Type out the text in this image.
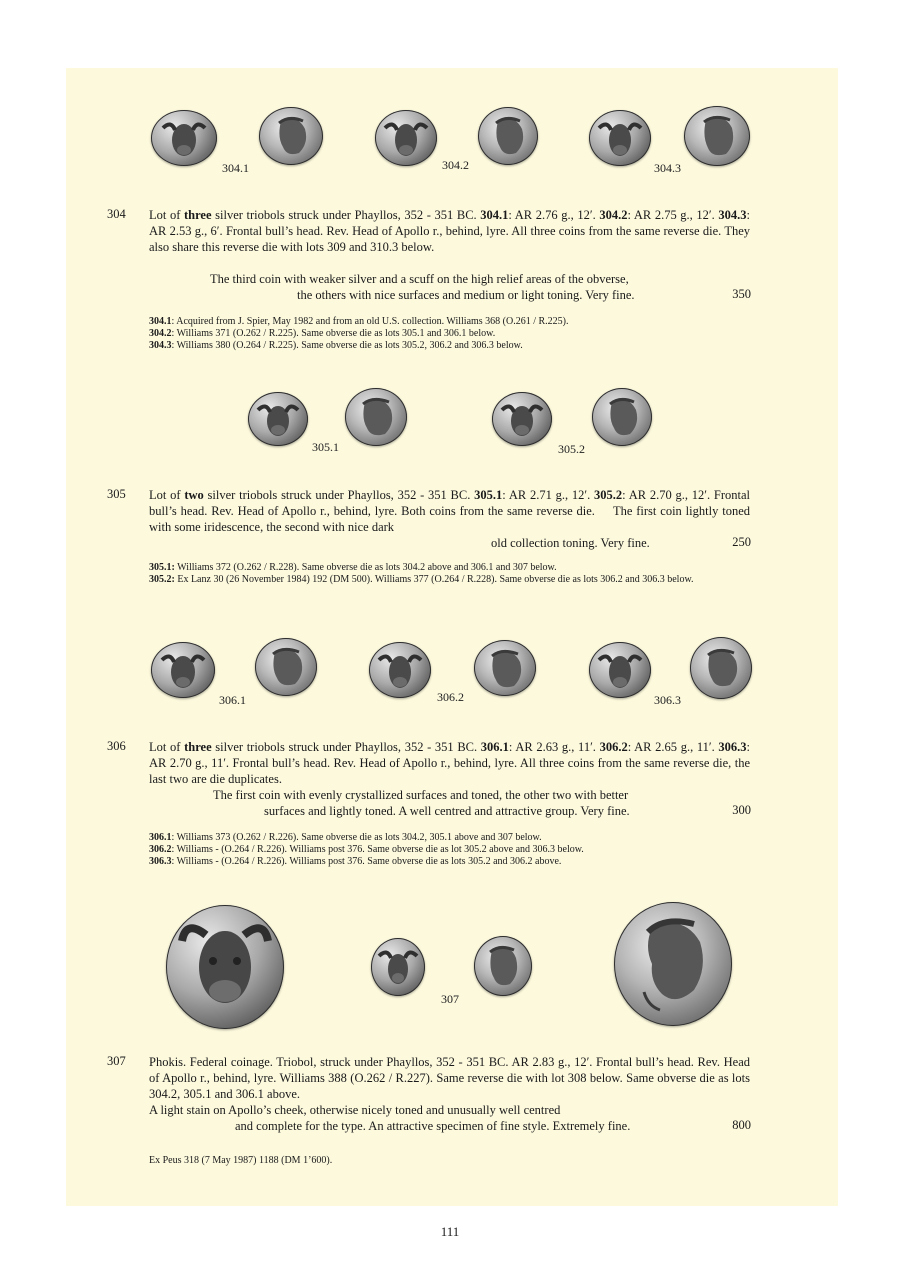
304.1	304.2	304.3
304 Lot of three silver triobols struck under Phayllos, 352 - 351 BC. 304.1: AR 2.76 g., 12′. 304.2: AR 2.75 g., 12′. 304.3: AR 2.53 g., 6′. Frontal bull’s head. Rev. Head of Apollo r., behind, lyre. All three coins from the same reverse die. They also share this reverse die with lots 309 and 310.3 below.
The third coin with weaker silver and a scuff on the high relief areas of the obverse,
the others with nice surfaces and medium or light toning. Very fine.	350
304.1: Acquired from J. Spier, May 1982 and from an old U.S. collection. Williams 368 (O.261 / R.225).
304.2: Williams 371 (O.262 / R.225). Same obverse die as lots 305.1 and 306.1 below.
304.3: Williams 380 (O.264 / R.225). Same obverse die as lots 305.2, 306.2 and 306.3 below.
305.1	305.2
305 Lot of two silver triobols struck under Phayllos, 352 - 351 BC. 305.1: AR 2.71 g., 12′. 305.2: AR 2.70 g., 12′. Frontal bull’s head. Rev. Head of Apollo r., behind, lyre. Both coins from the same reverse die. The first coin lightly toned with some iridescence, the second with nice dark
old collection toning. Very fine.	250
305.1: Williams 372 (O.262 / R.228). Same obverse die as lots 304.2 above and 306.1 and 307 below.
305.2: Ex Lanz 30 (26 November 1984) 192 (DM 500). Williams 377 (O.264 / R.228). Same obverse die as lots 306.2 and 306.3 below.
306.1	306.2	306.3
306 Lot of three silver triobols struck under Phayllos, 352 - 351 BC. 306.1: AR 2.63 g., 11′. 306.2: AR 2.65 g., 11′. 306.3: AR 2.70 g., 11′. Frontal bull’s head. Rev. Head of Apollo r., behind, lyre. All three coins from the same reverse die, the last two are die duplicates.
The first coin with evenly crystallized surfaces and toned, the other two with better
surfaces and lightly toned. A well centred and attractive group. Very fine.	300
306.1: Williams 373 (O.262 / R.226). Same obverse die as lots 304.2, 305.1 above and 307 below.
306.2: Williams - (O.264 / R.226). Williams post 376. Same obverse die as lot 305.2 above and 306.3 below.
306.3: Williams - (O.264 / R.226). Williams post 376. Same obverse die as lots 305.2 and 306.2 above.
307
307 Phokis. Federal coinage. Triobol, struck under Phayllos, 352 - 351 BC. AR 2.83 g., 12′. Frontal bull’s head. Rev. Head of Apollo r., behind, lyre. Williams 388 (O.262 / R.227). Same reverse die with lot 308 below. Same obverse die as lots 304.2, 305.1 and 306.1 above.
A light stain on Apollo’s cheek, otherwise nicely toned and unusually well centred
and complete for the type. An attractive specimen of fine style. Extremely fine.	800
Ex Peus 318 (7 May 1987) 1188 (DM 1’600).
111
